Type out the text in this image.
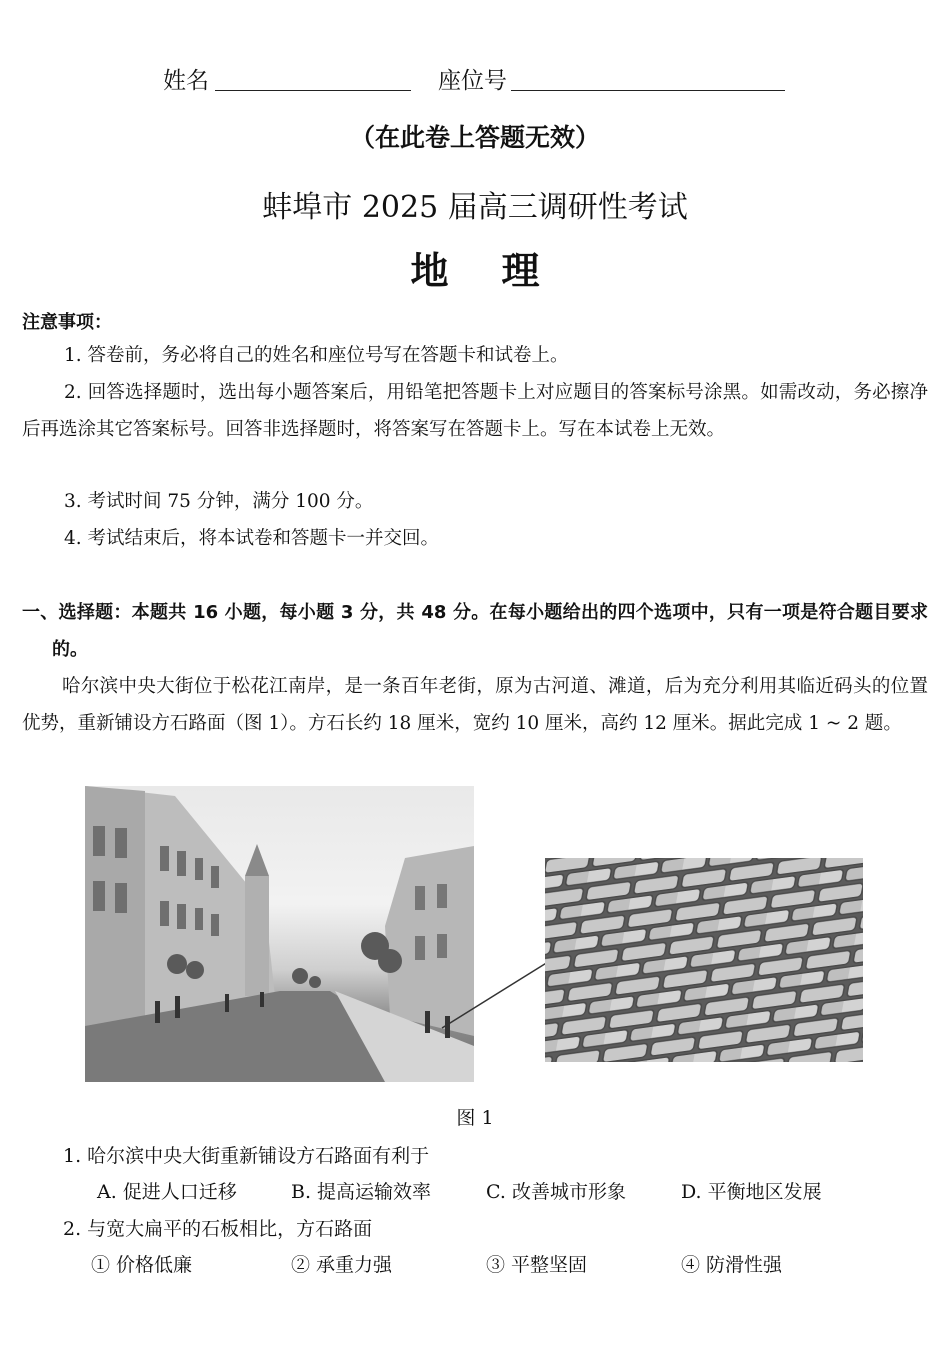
姓名	座位号
（在此卷上答题无效）
蚌埠市 2025 届高三调研性考试
地    理
注意事项：
1. 答卷前，务必将自己的姓名和座位号写在答题卡和试卷上。
2. 回答选择题时，选出每小题答案后，用铅笔把答题卡上对应题目的答案标号涂黑。如需改动，务必擦净后再选涂其它答案标号。回答非选择题时，将答案写在答题卡上。写在本试卷上无效。
3. 考试时间 75 分钟，满分 100 分。
4. 考试结束后，将本试卷和答题卡一并交回。
一、选择题：本题共 16 小题，每小题 3 分，共 48 分。在每小题给出的四个选项中，只有一项是符合题目要求的。
哈尔滨中央大街位于松花江南岸，是一条百年老街，原为古河道、滩道，后为充分利用其临近码头的位置优势，重新铺设方石路面（图 1）。方石长约 18 厘米，宽约 10 厘米，高约 12 厘米。据此完成 1 ~ 2 题。
图 1
1. 哈尔滨中央大街重新铺设方石路面有利于
A. 促进人口迁移	B. 提高运输效率	C. 改善城市形象	D. 平衡地区发展
2. 与宽大扁平的石板相比，方石路面
① 价格低廉	② 承重力强	③ 平整坚固	④ 防滑性强
